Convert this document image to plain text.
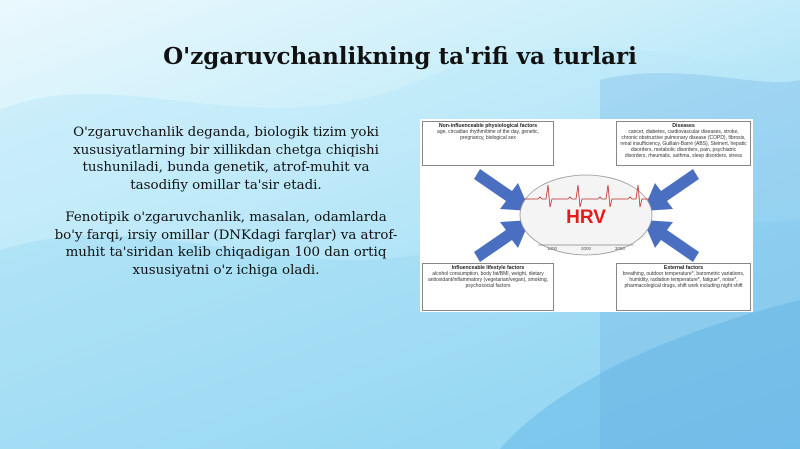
O'zgaruvchanlikning ta'rifi va turlari

O'zgaruvchanlik deganda, biologik tizim yoki xususiyatlarning bir xillikdan chetga chiqishi tushuniladi, bunda genetik, atrof-muhit va tasodifiy omillar ta'sir etadi.

Fenotipik o'zgaruvchanlik, masalan, odamlarda bo'y farqi, irsiy omillar (DNKdagi farqlar) va atrof-muhit ta'siridan kelib chiqadigan 100 dan ortiq xususiyatni o'z ichiga oladi.

HRV
1000	2000	3000
Non-influenceable physiological factors
age, circadian rhythm/time of the day, genetic, pregnancy, biological sex
Diseases
cancer, diabetes, cardiovascular diseases, stroke, chronic obstructive pulmonary disease (COPD), fibrosis, renal insufficiency, Guillain-Barré (ABS), Steinert, hepatic disorders, metabolic disorders, pain, psychiatric disorders, rheumatic, asthma, sleep disorders, stress
Influenceable lifestyle factors
alcohol consumption, body fat/BMI, weight, dietary antioxidant/inflammatory (vegetarian/vegan), smoking, psychosocial factors
External factors
breathing, outdoor temperature*, barometric variations, humidity, radiation temperature*, fatigue*, noise*, pharmacological drugs, shift work including night shift
